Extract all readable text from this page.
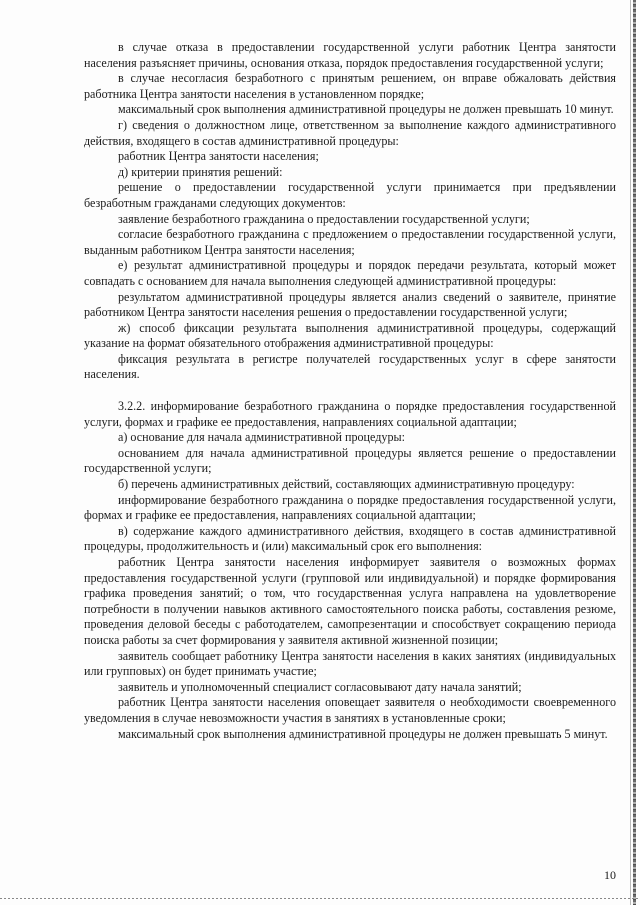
в случае отказа в предоставлении государственной услуги работник Центра занятости населения разъясняет причины, основания отказа, порядок предоставления государственной услуги;

в случае несогласия безработного с принятым решением, он вправе обжаловать действия работника Центра занятости населения в установленном порядке;

максимальный срок выполнения административной процедуры не должен превышать 10 минут.

г) сведения о должностном лице, ответственном за выполнение каждого административного действия, входящего в состав административной процедуры:

работник Центра занятости населения;

д) критерии принятия решений:

решение о предоставлении государственной услуги принимается при предъявлении безработным гражданами следующих документов:

заявление безработного гражданина о предоставлении государственной услуги;

согласие безработного гражданина с предложением о предоставлении государственной услуги, выданным работником Центра занятости населения;

е) результат административной процедуры и порядок передачи результата, который может совпадать с основанием для начала выполнения следующей административной процедуры:

результатом административной процедуры является анализ сведений о заявителе, принятие работником Центра занятости населения решения о предоставлении государственной услуги;

ж) способ фиксации результата выполнения административной процедуры, содержащий указание на формат обязательного отображения административной процедуры:

фиксация результата в регистре получателей государственных услуг в сфере занятости населения.

3.2.2. информирование безработного гражданина о порядке предоставления государственной услуги, формах и графике ее предоставления, направлениях социальной адаптации;

а) основание для начала административной процедуры:

основанием для начала административной процедуры является решение о предоставлении государственной услуги;

б) перечень административных действий, составляющих административную процедуру:

информирование безработного гражданина о порядке предоставления государственной услуги, формах и графике ее предоставления, направлениях социальной адаптации;

в) содержание каждого административного действия, входящего в состав административной процедуры, продолжительность и (или) максимальный срок его выполнения:

работник Центра занятости населения информирует заявителя о возможных формах предоставления государственной услуги (групповой или индивидуальной) и порядке формирования графика проведения занятий; о том, что государственная услуга направлена на удовлетворение потребности в получении навыков активного самостоятельного поиска работы, составления резюме, проведения деловой беседы с работодателем, самопрезентации и способствует сокращению периода поиска работы за счет формирования у заявителя активной жизненной позиции;

заявитель сообщает работнику Центра занятости населения в каких занятиях (индивидуальных или групповых) он будет принимать участие;

заявитель и уполномоченный специалист согласовывают дату начала занятий;

работник Центра занятости населения оповещает заявителя о необходимости своевременного уведомления в случае невозможности участия в занятиях в установленные сроки;

максимальный срок выполнения административной процедуры не должен превышать 5 минут.

10
